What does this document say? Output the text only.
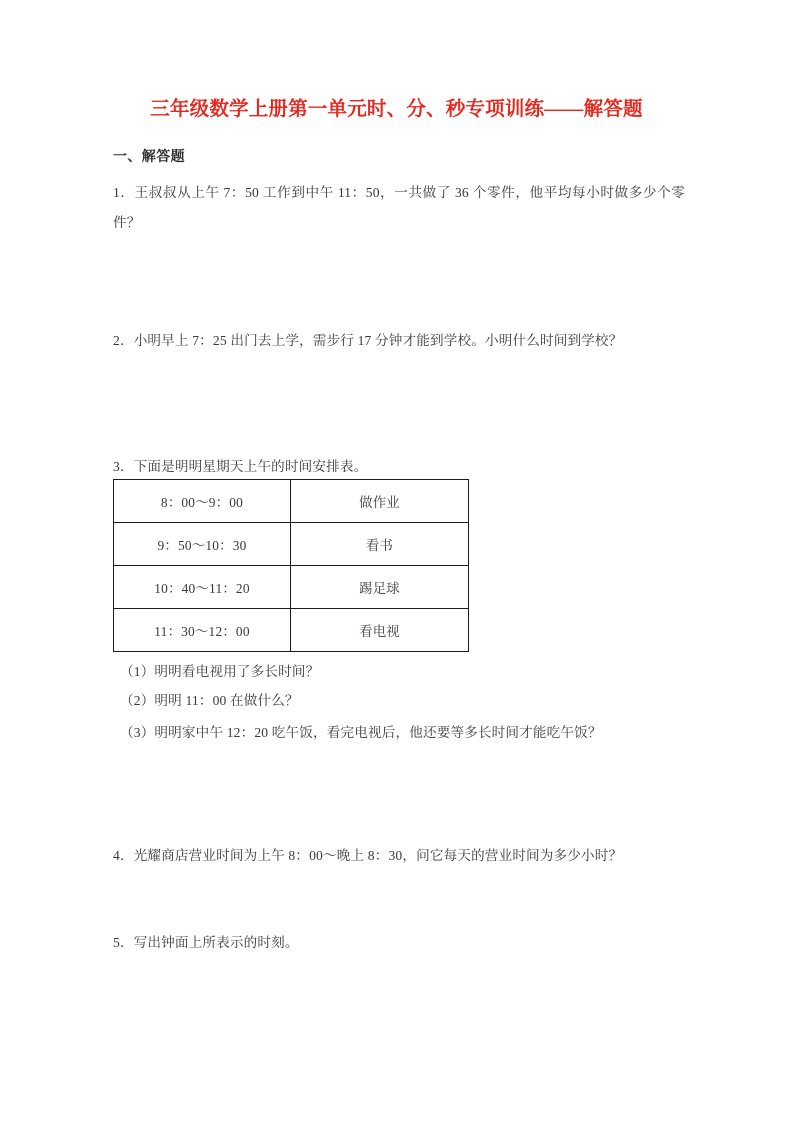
三年级数学上册第一单元时、分、秒专项训练——解答题
一、解答题
1．王叔叔从上午 7：50 工作到中午 11：50，一共做了 36 个零件，他平均每小时做多少个零件？
2．小明早上 7：25 出门去上学，需步行 17 分钟才能到学校。小明什么时间到学校？
3．下面是明明星期天上午的时间安排表。
8：00～9：00	做作业
9：50～10：30	看书
10：40～11：20	踢足球
11：30～12：00	看电视
（1）明明看电视用了多长时间？
（2）明明 11：00 在做什么？
（3）明明家中午 12：20 吃午饭，看完电视后，他还要等多长时间才能吃午饭？
4．光耀商店营业时间为上午 8：00～晚上 8：30，问它每天的营业时间为多少小时？
5．写出钟面上所表示的时刻。
